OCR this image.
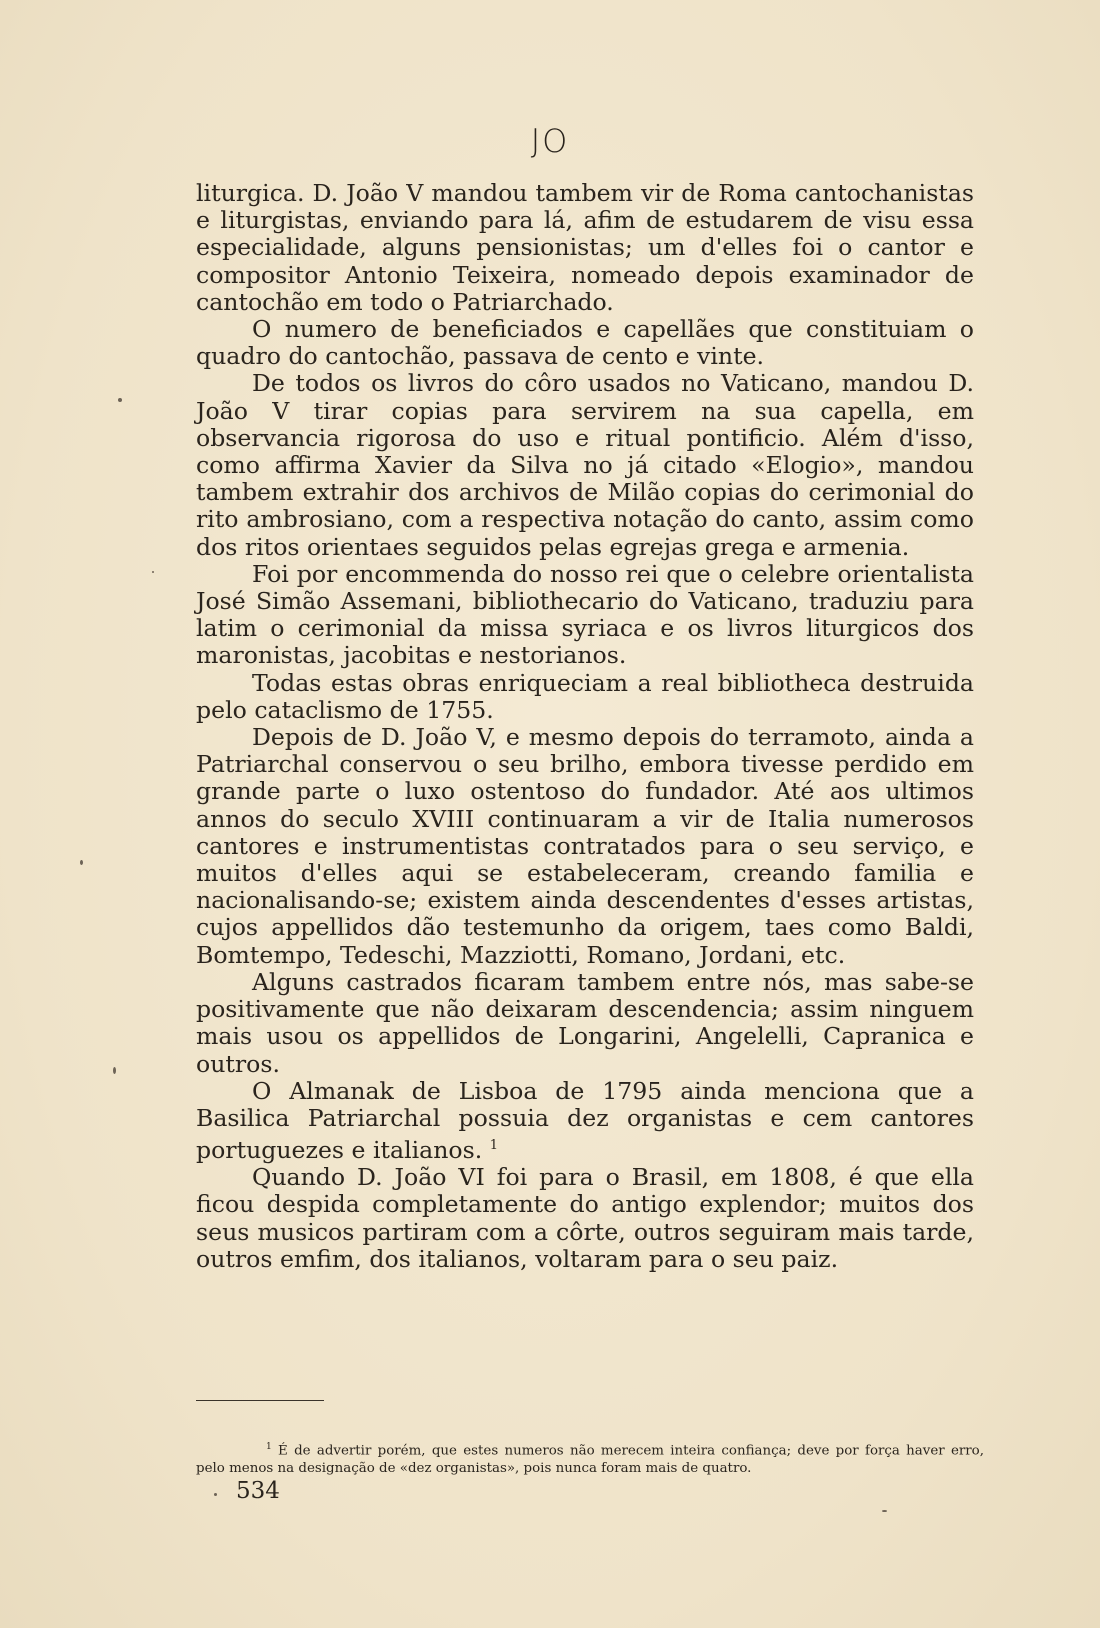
JO

liturgica. D. João V mandou tambem vir de Roma cantochanistas e liturgistas, enviando para lá, afim de estudarem de visu essa especialidade, alguns pensionistas; um d'elles foi o cantor e compositor Antonio Teixeira, nomeado depois examinador de cantochão em todo o Patriarchado.

O numero de beneficiados e capellães que constituiam o quadro do cantochão, passava de cento e vinte.

De todos os livros do côro usados no Vaticano, mandou D. João V tirar copias para servirem na sua capella, em observancia rigorosa do uso e ritual pontificio. Além d'isso, como affirma Xavier da Silva no já citado «Elogio», mandou tambem extrahir dos archivos de Milão copias do cerimonial do rito ambrosiano, com a respectiva notação do canto, assim como dos ritos orientaes seguidos pelas egrejas grega e armenia.

Foi por encommenda do nosso rei que o celebre orientalista José Simão Assemani, bibliothecario do Vaticano, traduziu para latim o cerimonial da missa syriaca e os livros liturgicos dos maronistas, jacobitas e nestorianos.

Todas estas obras enriqueciam a real bibliotheca destruida pelo cataclismo de 1755.

Depois de D. João V, e mesmo depois do terramoto, ainda a Patriarchal conservou o seu brilho, embora tivesse perdido em grande parte o luxo ostentoso do fundador. Até aos ultimos annos do seculo XVIII continuaram a vir de Italia numerosos cantores e instrumentistas contratados para o seu serviço, e muitos d'elles aqui se estabeleceram, creando familia e nacionalisando-se; existem ainda descendentes d'esses artistas, cujos appellidos dão testemunho da origem, taes como Baldi, Bomtempo, Tedeschi, Mazziotti, Romano, Jordani, etc.

Alguns castrados ficaram tambem entre nós, mas sabe-se positivamente que não deixaram descendencia; assim ninguem mais usou os appellidos de Longarini, Angelelli, Capranica e outros.

O Almanak de Lisboa de 1795 ainda menciona que a Basilica Patriarchal possuia dez organistas e cem cantores portuguezes e italianos. $^1$

Quando D. João VI foi para o Brasil, em 1808, é que ella ficou despida completamente do antigo explendor; muitos dos seus musicos partiram com a côrte, outros seguiram mais tarde, outros emfim, dos italianos, voltaram para o seu paiz.

$^1$ É de advertir porém, que estes numeros não merecem inteira confiança; deve por força haver erro, pelo menos na designação de «dez organistas», pois nunca foram mais de quatro.
534
